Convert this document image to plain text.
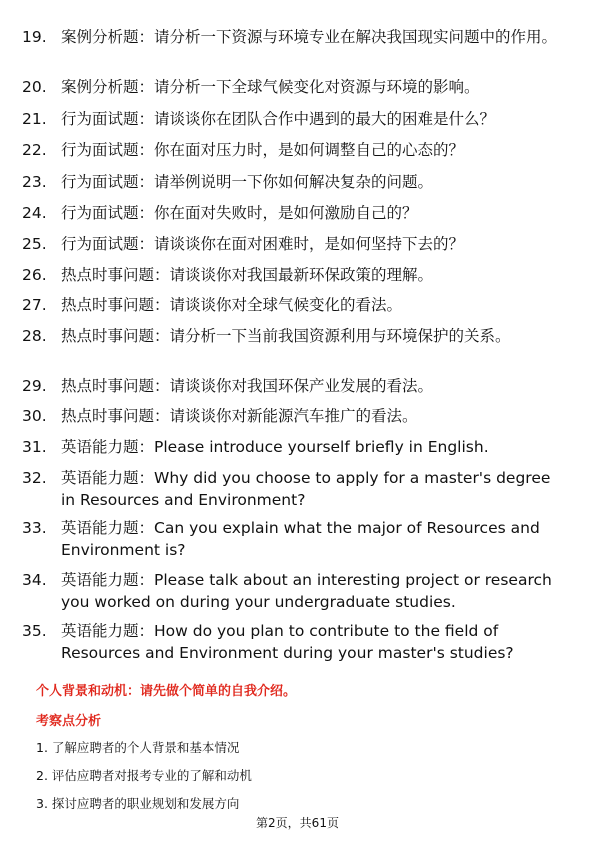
19. 案例分析题：请分析一下资源与环境专业在解决我国现实问题中的作用。
20. 案例分析题：请分析一下全球气候变化对资源与环境的影响。
21. 行为面试题：请谈谈你在团队合作中遇到的最大的困难是什么？
22. 行为面试题：你在面对压力时，是如何调整自己的心态的？
23. 行为面试题：请举例说明一下你如何解决复杂的问题。
24. 行为面试题：你在面对失败时，是如何激励自己的？
25. 行为面试题：请谈谈你在面对困难时，是如何坚持下去的？
26. 热点时事问题：请谈谈你对我国最新环保政策的理解。
27. 热点时事问题：请谈谈你对全球气候变化的看法。
28. 热点时事问题：请分析一下当前我国资源利用与环境保护的关系。
29. 热点时事问题：请谈谈你对我国环保产业发展的看法。
30. 热点时事问题：请谈谈你对新能源汽车推广的看法。
31. 英语能力题：Please introduce yourself briefly in English.
32. 英语能力题：Why did you choose to apply for a master's degree in Resources and Environment?
33. 英语能力题：Can you explain what the major of Resources and Environment is?
34. 英语能力题：Please talk about an interesting project or research you worked on during your undergraduate studies.
35. 英语能力题：How do you plan to contribute to the field of Resources and Environment during your master's studies?
个人背景和动机：请先做个简单的自我介绍。
考察点分析
1. 了解应聘者的个人背景和基本情况
2. 评估应聘者对报考专业的了解和动机
3. 探讨应聘者的职业规划和发展方向
第2页，共61页
